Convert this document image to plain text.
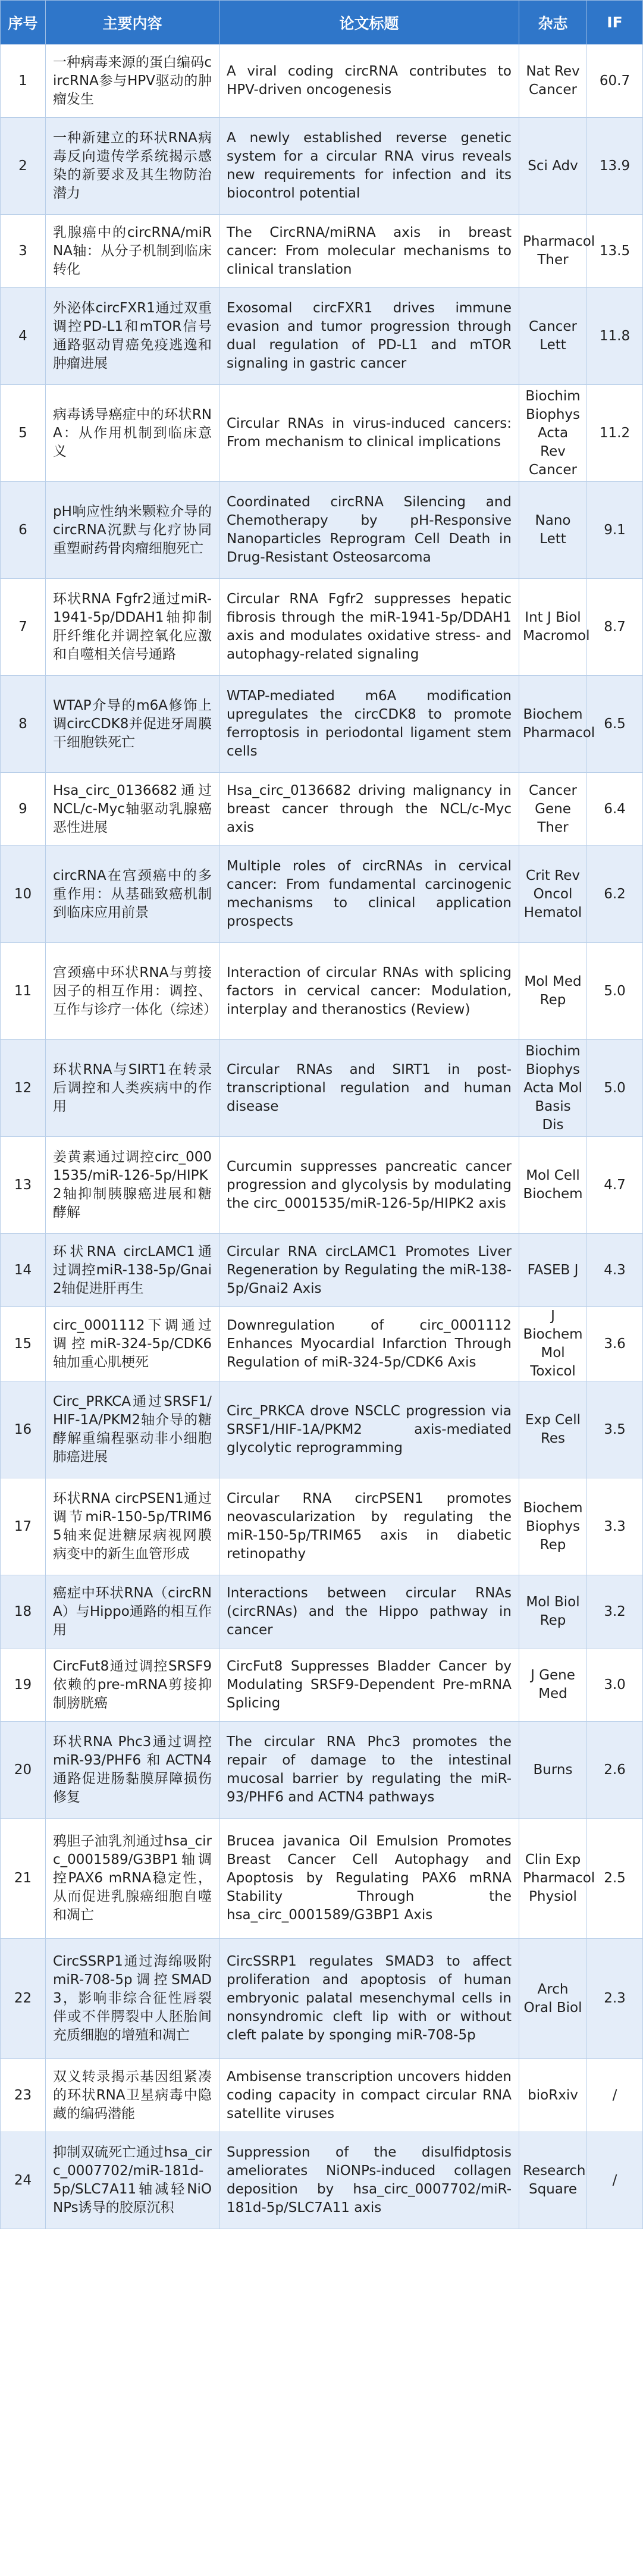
序号	主要内容	论文标题	杂志	IF
1	一种病毒来源的蛋白编码circRNA参与HPV驱动的肿瘤发生	A viral coding circRNA contributes to HPV-driven oncogenesis	Nat Rev Cancer	60.7
2	一种新建立的环状RNA病毒反向遗传学系统揭示感染的新要求及其生物防治潜力	A newly established reverse genetic system for a circular RNA virus reveals new requirements for infection and its biocontrol potential	Sci Adv	13.9
3	乳腺癌中的circRNA/miRNA轴：从分子机制到临床转化	The CircRNA/miRNA axis in breast cancer: From molecular mechanisms to clinical translation	Pharmacol Ther	13.5
4	外泌体circFXR1通过双重调控PD-L1和mTOR信号通路驱动胃癌免疫逃逸和肿瘤进展	Exosomal circFXR1 drives immune evasion and tumor progression through dual regulation of PD-L1 and mTOR signaling in gastric cancer	Cancer Lett	11.8
5	病毒诱导癌症中的环状RNA：从作用机制到临床意义	Circular RNAs in virus-induced cancers: From mechanism to clinical implications	Biochim Biophys Acta Rev Cancer	11.2
6	pH响应性纳米颗粒介导的circRNA沉默与化疗协同重塑耐药骨肉瘤细胞死亡	Coordinated circRNA Silencing and Chemotherapy by pH-Responsive Nanoparticles Reprogram Cell Death in Drug-Resistant Osteosarcoma	Nano Lett	9.1
7	环状RNA Fgfr2通过miR-1941-5p/DDAH1轴抑制肝纤维化并调控氧化应激和自噬相关信号通路	Circular RNA Fgfr2 suppresses hepatic fibrosis through the miR-1941-5p/DDAH1 axis and modulates oxidative stress- and autophagy-related signaling	Int J Biol Macromol	8.7
8	WTAP介导的m6A修饰上调circCDK8并促进牙周膜干细胞铁死亡	WTAP-mediated m6A modification upregulates the circCDK8 to promote ferroptosis in periodontal ligament stem cells	Biochem Pharmacol	6.5
9	Hsa_circ_0136682通过NCL/c-Myc轴驱动乳腺癌恶性进展	Hsa_circ_0136682 driving malignancy in breast cancer through the NCL/c-Myc axis	Cancer Gene Ther	6.4
10	circRNA在宫颈癌中的多重作用：从基础致癌机制到临床应用前景	Multiple roles of circRNAs in cervical cancer: From fundamental carcinogenic mechanisms to clinical application prospects	Crit Rev Oncol Hematol	6.2
11	宫颈癌中环状RNA与剪接因子的相互作用：调控、互作与诊疗一体化（综述）	Interaction of circular RNAs with splicing factors in cervical cancer: Modulation, interplay and theranostics (Review)	Mol Med Rep	5.0
12	环状RNA与SIRT1在转录后调控和人类疾病中的作用	Circular RNAs and SIRT1 in post-transcriptional regulation and human disease	Biochim Biophys Acta Mol Basis Dis	5.0
13	姜黄素通过调控circ_0001535/miR-126-5p/HIPK2轴抑制胰腺癌进展和糖酵解	Curcumin suppresses pancreatic cancer progression and glycolysis by modulating the circ_0001535/miR-126-5p/HIPK2 axis	Mol Cell Biochem	4.7
14	环状RNA circLAMC1通过调控miR-138-5p/Gnai2轴促进肝再生	Circular RNA circLAMC1 Promotes Liver Regeneration by Regulating the miR-138-5p/Gnai2 Axis	FASEB J	4.3
15	circ_0001112下调通过调控miR-324-5p/CDK6轴加重心肌梗死	Downregulation of circ_0001112 Enhances Myocardial Infarction Through Regulation of miR-324-5p/CDK6 Axis	J Biochem Mol Toxicol	3.6
16	Circ_PRKCA通过SRSF1/HIF-1A/PKM2轴介导的糖酵解重编程驱动非小细胞肺癌进展	Circ_PRKCA drove NSCLC progression via SRSF1/HIF-1A/PKM2 axis-mediated glycolytic reprogramming	Exp Cell Res	3.5
17	环状RNA circPSEN1通过调节miR-150-5p/TRIM65轴来促进糖尿病视网膜病变中的新生血管形成	Circular RNA circPSEN1 promotes neovascularization by regulating the miR-150-5p/TRIM65 axis in diabetic retinopathy	Biochem Biophys Rep	3.3
18	癌症中环状RNA（circRNA）与Hippo通路的相互作用	Interactions between circular RNAs (circRNAs) and the Hippo pathway in cancer	Mol Biol Rep	3.2
19	CircFut8通过调控SRSF9依赖的pre-mRNA剪接抑制膀胱癌	CircFut8 Suppresses Bladder Cancer by Modulating SRSF9-Dependent Pre-mRNA Splicing	J Gene Med	3.0
20	环状RNA Phc3通过调控miR-93/PHF6和ACTN4通路促进肠黏膜屏障损伤修复	The circular RNA Phc3 promotes the repair of damage to the intestinal mucosal barrier by regulating the miR-93/PHF6 and ACTN4 pathways	Burns	2.6
21	鸦胆子油乳剂通过hsa_circ_0001589/G3BP1轴调控PAX6 mRNA稳定性，从而促进乳腺癌细胞自噬和凋亡	Brucea javanica Oil Emulsion Promotes Breast Cancer Cell Autophagy and Apoptosis by Regulating PAX6 mRNA Stability Through the hsa_circ_0001589/G3BP1 Axis	Clin Exp Pharmacol Physiol	2.5
22	CircSSRP1通过海绵吸附miR-708-5p调控SMAD3，影响非综合征性唇裂伴或不伴腭裂中人胚胎间充质细胞的增殖和凋亡	CircSSRP1 regulates SMAD3 to affect proliferation and apoptosis of human embryonic palatal mesenchymal cells in nonsyndromic cleft lip with or without cleft palate by sponging miR-708-5p	Arch Oral Biol	2.3
23	双义转录揭示基因组紧凑的环状RNA卫星病毒中隐藏的编码潜能	Ambisense transcription uncovers hidden coding capacity in compact circular RNA satellite viruses	bioRxiv	/
24	抑制双硫死亡通过hsa_circ_0007702/miR-181d-5p/SLC7A11轴减轻NiONPs诱导的胶原沉积	Suppression of the disulfidptosis ameliorates NiONPs-induced collagen deposition by hsa_circ_0007702/miR-181d-5p/SLC7A11 axis	Research Square	/
